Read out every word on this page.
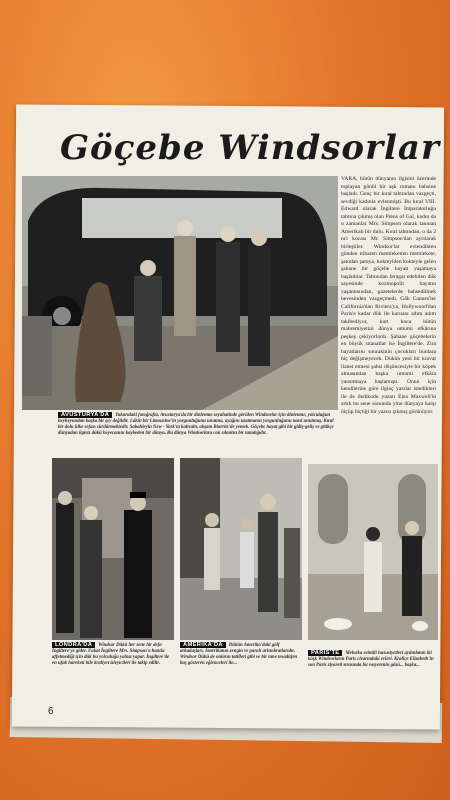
Göçebe Windsorlar

VARA, bütün dünyanın ilgisini üzerinde toplayan gönül bir aşk romanı bahsine başladı. Genç bir kıral tahtından vazgeçti, sevdiği kadınla evlenmişti. Bu kıral VIII. Edward olarak İngiltere İmparatorluğu tahtına çıkmış olan Prens of Gal, kadın da o zamanlar Mrs. Simpson olarak tanınan Amerikalı bir dulu. Kıral tahtından, o da 2 nci kocası Mr. Simpson'dan ayrılarak birleştiler. Windsor'lar evlendikten günden itibaren memleketten memlekete, şatodan şatoya, kokteylden kokteyle gelen şahane bir göçebe hayatı yaşamaya başladılar. Tahtından feragat edebilen dük sayesinde kozmopolit hayatın yaşantısından, gazetelerde bahsedilmek hevesinden vazgeçmedi. Gâh Cannes'ler California'dan Riviera'ya, Hollywood'dan Paris'e kadar dük ile karısını adım adım takibediyor, kurt koca bütün mahremiyetini dünya umumi efkârına peşkeş çekiyorlardı. Şahane göçebelerin en büyük sıtanatlar ise İngiltere'de. Zira hayatlarını sonrakinin çocukları bunlara hiç değişmeyecek. Dükün yeni bir kravat ilanet etmesi şahsi düşüncesiyle bir köpek almasından başka umumi efkâra yansıtmaya başlamıştı. Onun için kendilerine göre ilginç yazılar istedikleri ile de dedikodu yazarı Elsa Maxwell'in artık bu sene sonunda yine dünyaya karşı ölçüp biçtiği bir yazısı çıkmış görünüyor.

AVUSTURYA'DA Yukarıdaki fotoğrafta, Avusturya'da bir dinlenme seyahatinde görülen Windsorlar için dinlenme, yolculuğun heyheyundan başka bir şey değildir. Lâkin bir Limousine'in yorgunluğunu unutma, ayağını uzatmanın yorgunluğunu nasıl unutmuş. Kıral bir dolu ülke sefası sürdürmektedir. Sabahleyin New - York'ta kahvaltı, akşam Biarritz'de yemek. Göçebe hayat gibi bir gidiş-geliş ve gitikçe dünyadan ilgisiz dükü heyecanını kaybeden bir dünya. Bu dünya Windsorlara can sıkıntısı bir tanıdığıdır.
LONDRA'DA Windsor Dükü her sene bir defa İngiltere'ye gider. Fakat İngiltere Mrs. Simpson'a hanıla affetmediği için dük bu yolculuğu yalnız yapar. İngiltere'de en ufak hareketi bile kraliyet izleyicileri ile takip edilir.
AMERİKA'DA Dükün Amerika'daki gölf arkadaşları, Amerikanın zengin ve paralı aristokratlarıdır. Windsor Dükü de onların tatilleri gibi ve bir tane tesadüfen baş gösteren eğlenceleri ile...
PARİS'TE Meksika esintili hususiyetleri aydınlatan iki köşk Windsorların Paris civarındaki evleri. Kraliçe Elizabeth'in son Paris ziyareti sırasında bu sosyetenin gözü... başka...
6
